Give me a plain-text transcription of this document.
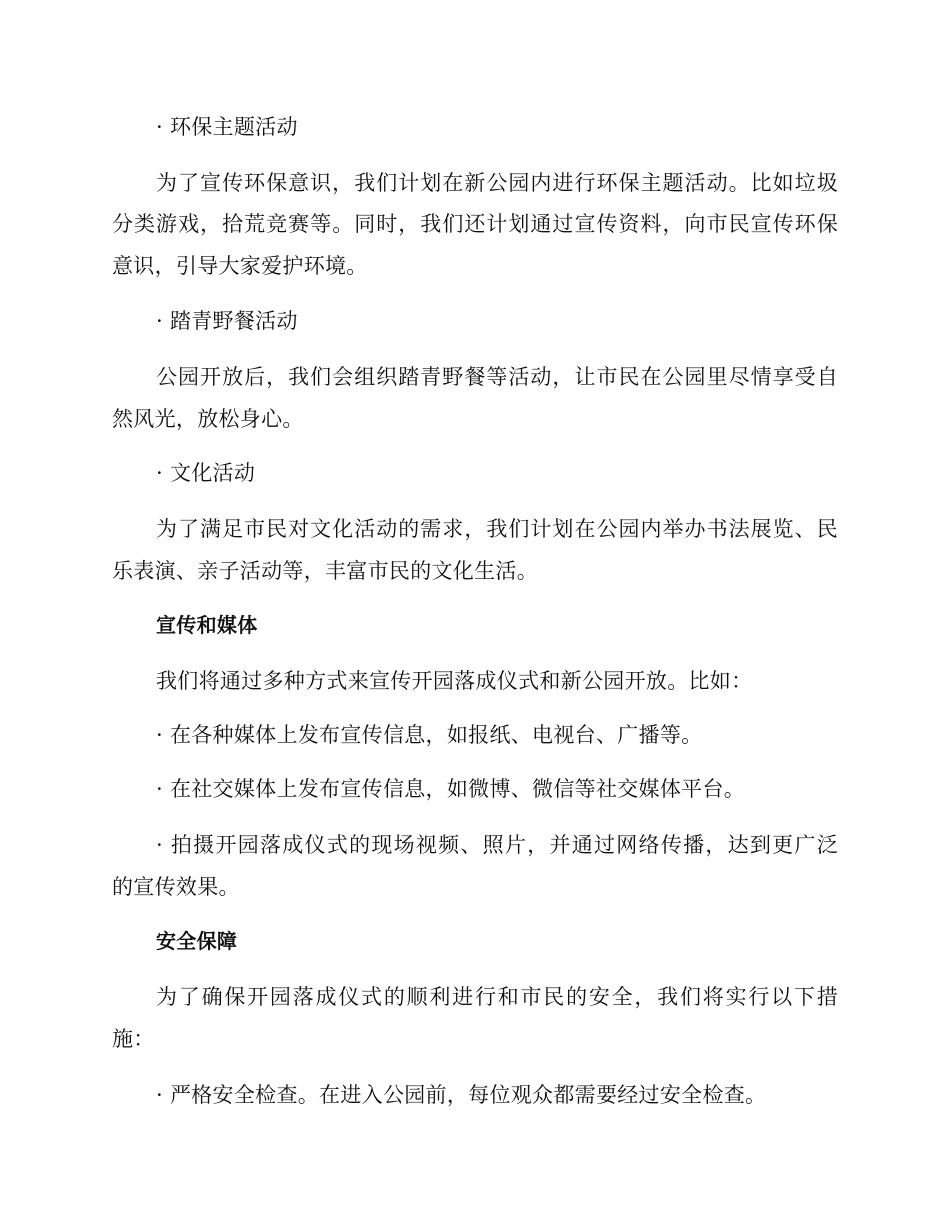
· 环保主题活动
为了宣传环保意识，我们计划在新公园内进行环保主题活动。比如垃圾
分类游戏，拾荒竞赛等。同时，我们还计划通过宣传资料，向市民宣传环保
意识，引导大家爱护环境。
· 踏青野餐活动
公园开放后，我们会组织踏青野餐等活动，让市民在公园里尽情享受自
然风光，放松身心。
· 文化活动
为了满足市民对文化活动的需求，我们计划在公园内举办书法展览、民
乐表演、亲子活动等，丰富市民的文化生活。
宣传和媒体
我们将通过多种方式来宣传开园落成仪式和新公园开放。比如：
· 在各种媒体上发布宣传信息，如报纸、电视台、广播等。
· 在社交媒体上发布宣传信息，如微博、微信等社交媒体平台。
· 拍摄开园落成仪式的现场视频、照片，并通过网络传播，达到更广泛
的宣传效果。
安全保障
为了确保开园落成仪式的顺利进行和市民的安全，我们将实行以下措
施：
· 严格安全检查。在进入公园前，每位观众都需要经过安全检查。
